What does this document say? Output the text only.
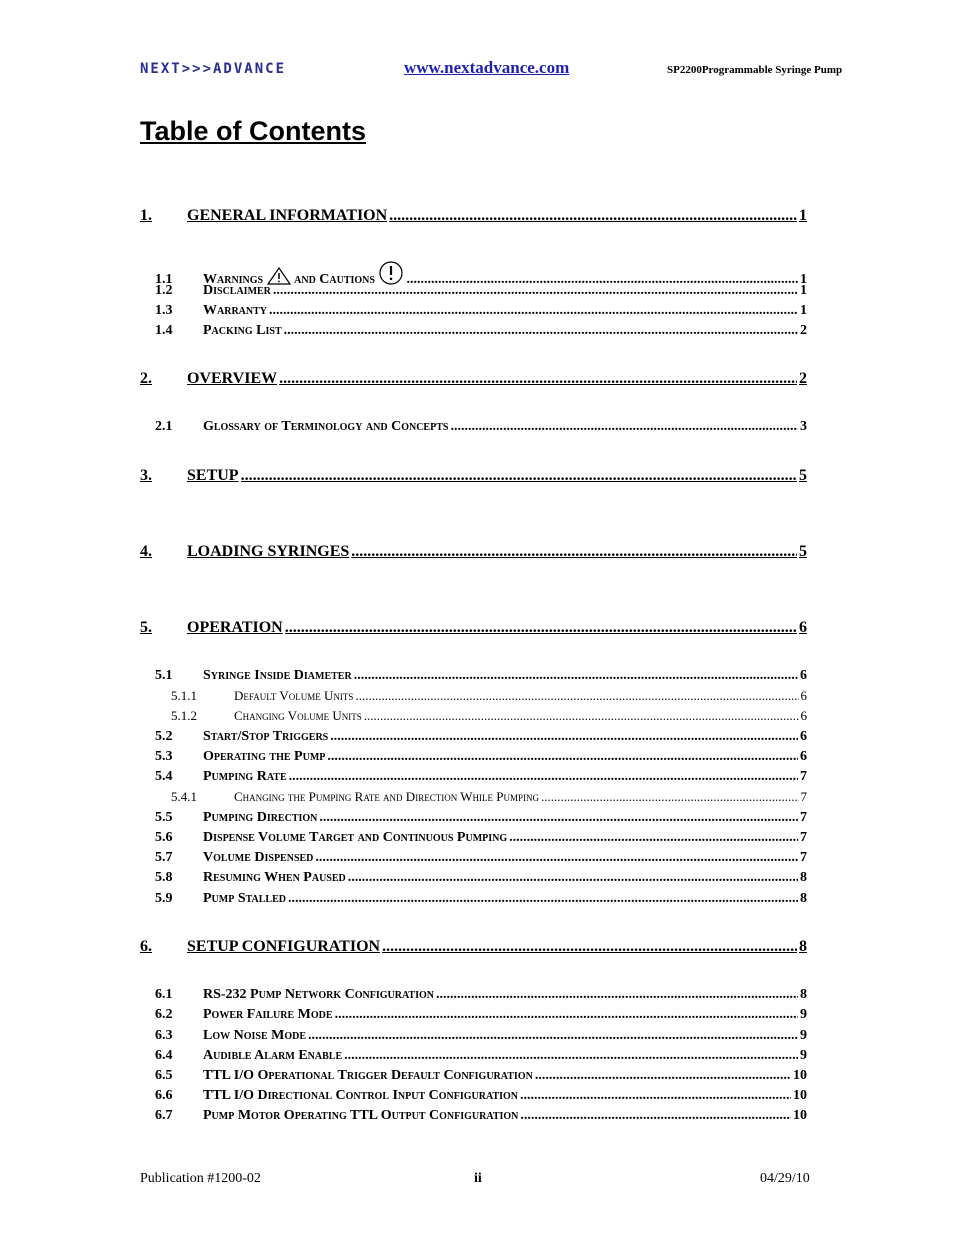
NEXT>>>ADVANCE	www.nextadvance.com	SP2200Programmable Syringe Pump
Table of Contents
1.	GENERAL INFORMATION .....	1
1.1	Warnings and Cautions .....	1
1.2	Disclaimer .....	1
1.3	Warranty .....	1
1.4	Packing List .....	2
2.	OVERVIEW .....	2
2.1	Glossary of Terminology and Concepts .....	3
3.	SETUP .....	5
4.	LOADING SYRINGES .....	5
5.	OPERATION .....	6
5.1	Syringe Inside Diameter .....	6
5.1.1	Default Volume Units .....	6
5.1.2	Changing Volume Units .....	6
5.2	Start/Stop Triggers .....	6
5.3	Operating the Pump .....	6
5.4	Pumping Rate .....	7
5.4.1	Changing the Pumping Rate and Direction While Pumping .....	7
5.5	Pumping Direction .....	7
5.6	Dispense Volume Target and Continuous Pumping .....	7
5.7	Volume Dispensed .....	7
5.8	Resuming When Paused .....	8
5.9	Pump Stalled .....	8
6.	SETUP CONFIGURATION .....	8
6.1	RS-232 Pump Network Configuration .....	8
6.2	Power Failure Mode .....	9
6.3	Low Noise Mode .....	9
6.4	Audible Alarm Enable .....	9
6.5	TTL I/O Operational Trigger Default Configuration .....	10
6.6	TTL I/O Directional Control Input Configuration .....	10
6.7	Pump Motor Operating TTL Output Configuration .....	10
Publication #1200-02	ii	04/29/10
